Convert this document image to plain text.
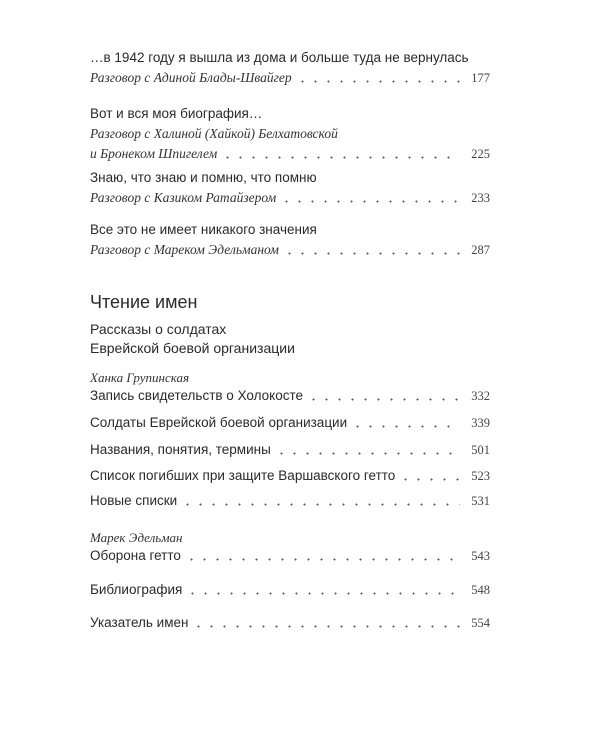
…в 1942 году я вышла из дома и больше туда не вернулась
Разговор с Адиной Блады-Швайгер	177
Вот и вся моя биография…
Разговор с Халиной (Хайкой) Белхатовской
и Бронеком Шпигелем	225
Знаю, что знаю и помню, что помню
Разговор с Казиком Ратайзером	233
Все это не имеет никакого значения
Разговор с Мареком Эдельманом	287
Чтение имен
Рассказы о солдатах
Еврейской боевой организации
Ханка Групинская
Запись свидетельств о Холокосте	332
Солдаты Еврейской боевой организации	339
Названия, понятия, термины	501
Список погибших при защите Варшавского гетто	523
Новые списки	531
Марек Эдельман
Оборона гетто	543
Библиография	548
Указатель имен	554
